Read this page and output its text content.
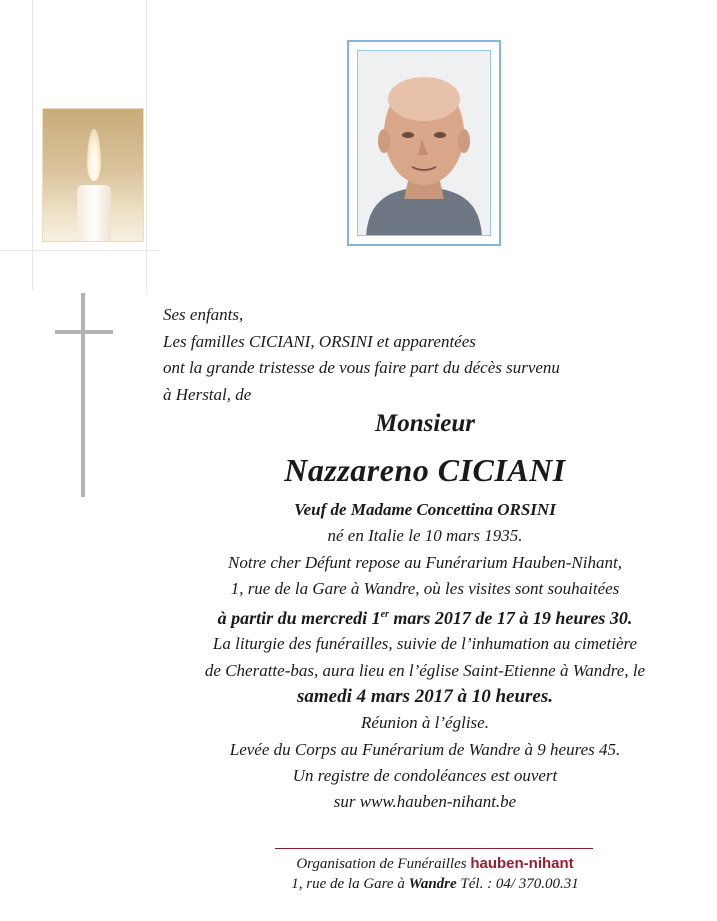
Ses enfants,
Les familles CICIANI, ORSINI et apparentées
ont la grande tristesse de vous faire part du décès survenu
à Herstal, de
Monsieur
Nazzareno CICIANI
Veuf de Madame Concettina ORSINI
né en Italie le 10 mars 1935.
Notre cher Défunt repose au Funérarium Hauben-Nihant,
1, rue de la Gare à Wandre, où les visites sont souhaitées
à partir du mercredi 1er mars 2017 de 17 à 19 heures 30.
La liturgie des funérailles, suivie de l’inhumation au cimetière
de Cheratte-bas, aura lieu en l’église Saint-Etienne à Wandre, le
samedi 4 mars 2017 à 10 heures.
Réunion à l’église.
Levée du Corps au Funérarium de Wandre à 9 heures 45.
Un registre de condoléances est ouvert
sur www.hauben-nihant.be
Organisation de Funérailles hauben-nihant
1, rue de la Gare à Wandre Tél. : 04/ 370.00.31
